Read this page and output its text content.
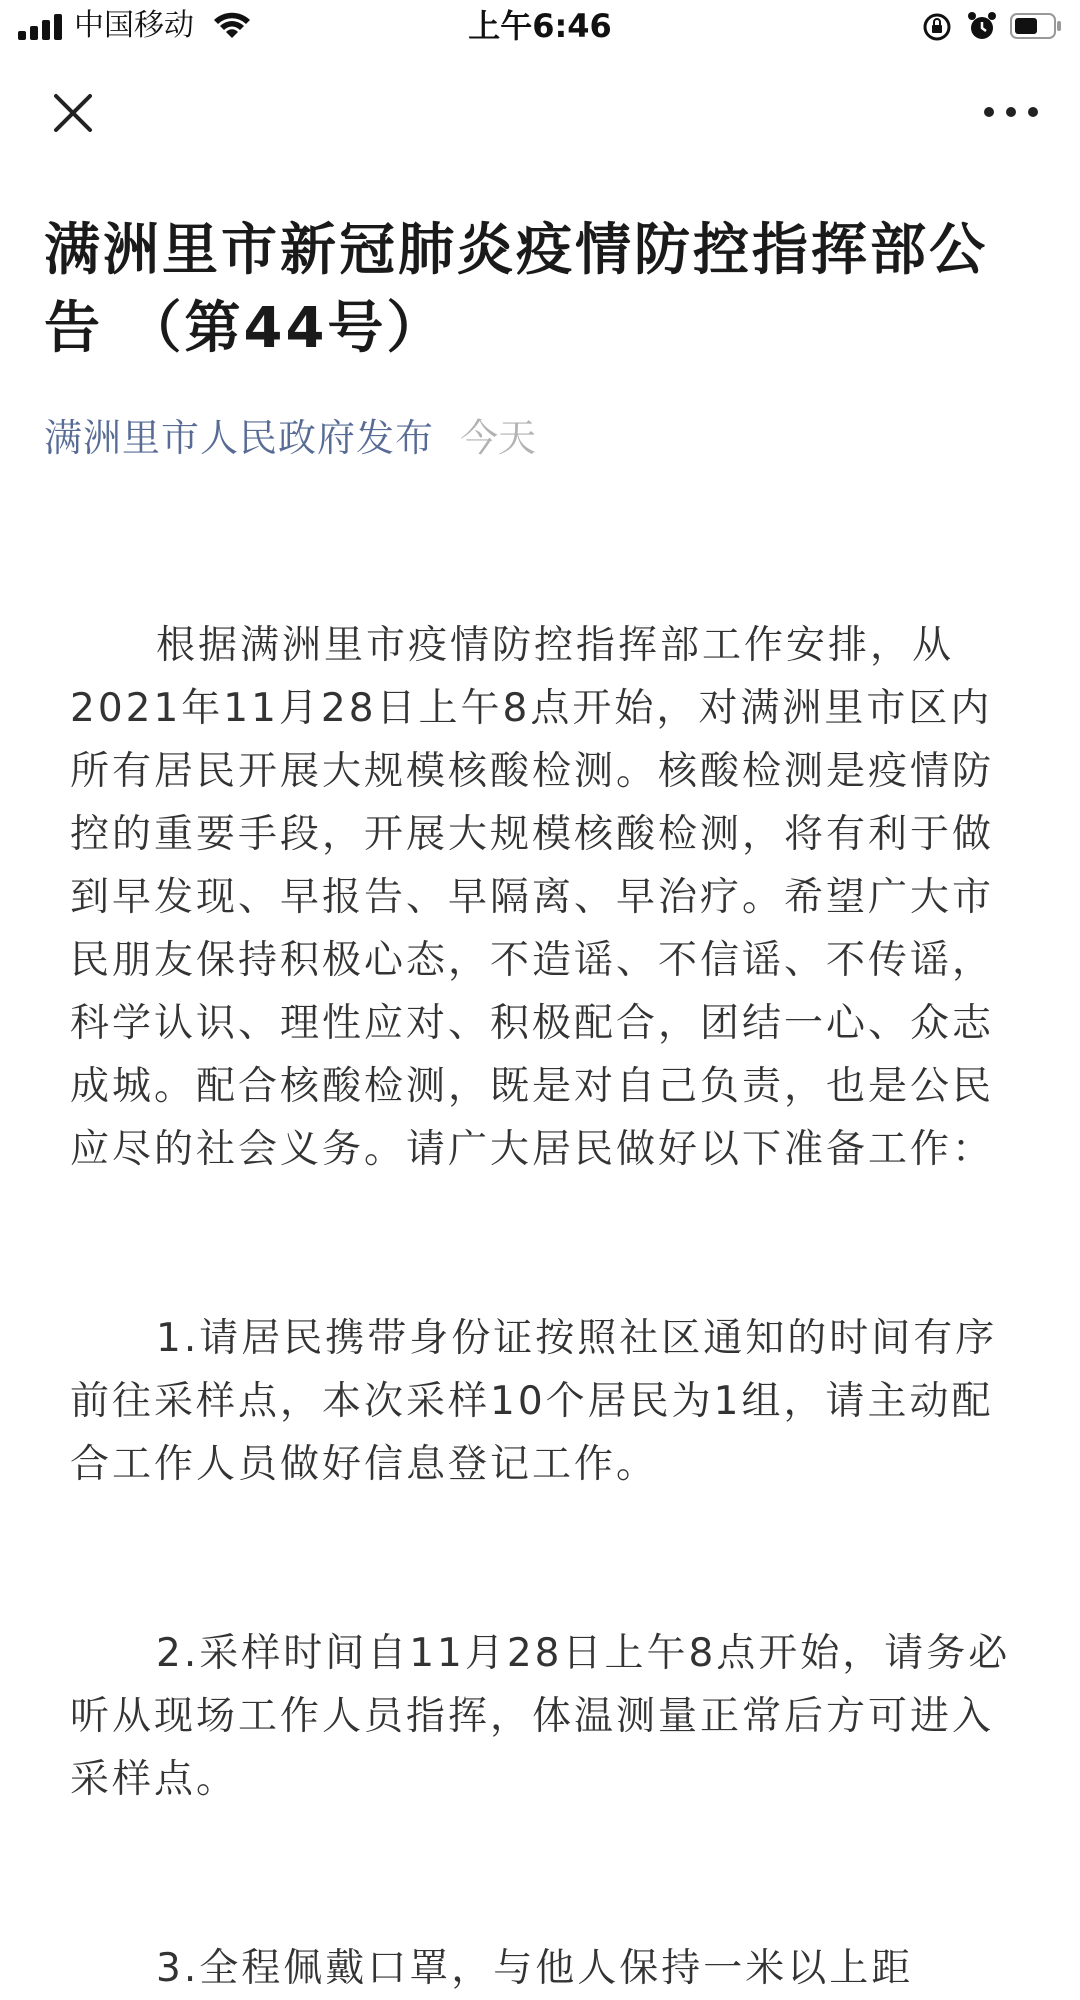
中国移动	上午6:46
满洲里市新冠肺炎疫情防控指挥部公告 （第44号）
满洲里市人民政府发布 今天

根据满洲里市疫情防控指挥部工作安排，从2021年11月28日上午8点开始，对满洲里市区内所有居民开展大规模核酸检测。核酸检测是疫情防控的重要手段，开展大规模核酸检测，将有利于做到早发现、早报告、早隔离、早治疗。希望广大市民朋友保持积极心态，不造谣、不信谣、不传谣，科学认识、理性应对、积极配合，团结一心、众志成城。配合核酸检测，既是对自己负责，也是公民应尽的社会义务。请广大居民做好以下准备工作：

1.请居民携带身份证按照社区通知的时间有序前往采样点，本次采样10个居民为1组，请主动配合工作人员做好信息登记工作。

2.采样时间自11月28日上午8点开始，请务必听从现场工作人员指挥，体温测量正常后方可进入采样点。

3.全程佩戴口罩，与他人保持一米以上距
